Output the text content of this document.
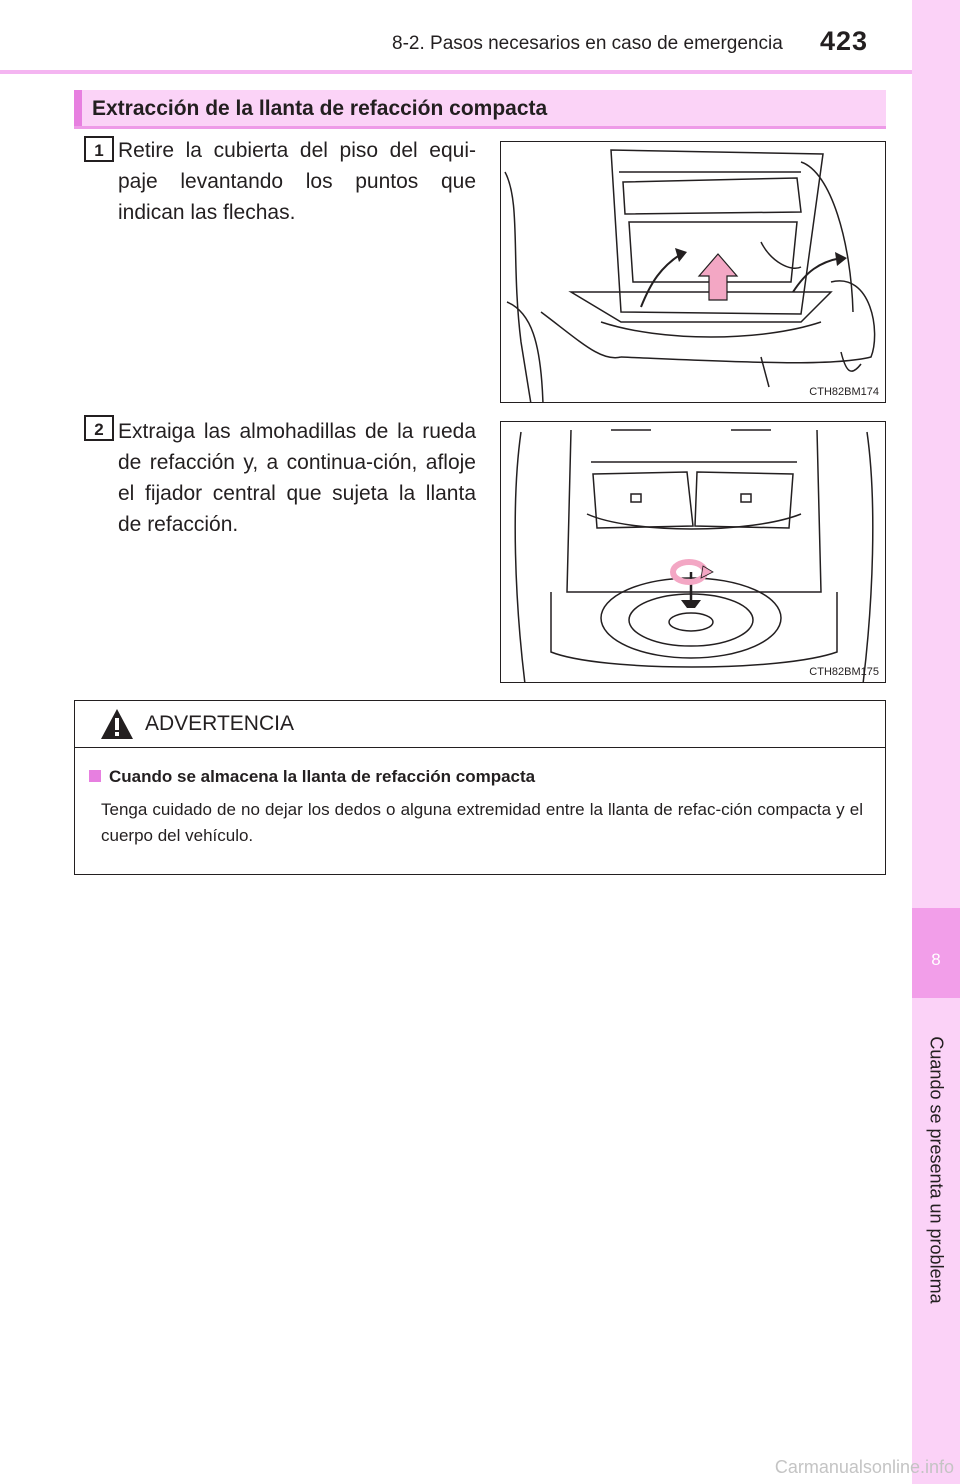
8-2. Pasos necesarios en caso de emergencia 423
8
Cuando se presenta un problema
Extracción de la llanta de refacción compacta
1 Retire la cubierta del piso del equi-paje levantando los puntos que indican las flechas.
CTH82BM174
2 Extraiga las almohadillas de la rueda de refacción y, a continua-ción, afloje el fijador central que sujeta la llanta de refacción.
CTH82BM175
ADVERTENCIA
Cuando se almacena la llanta de refacción compacta
Tenga cuidado de no dejar los dedos o alguna extremidad entre la llanta de refac-ción compacta y el cuerpo del vehículo.
Carmanualsonline.info
